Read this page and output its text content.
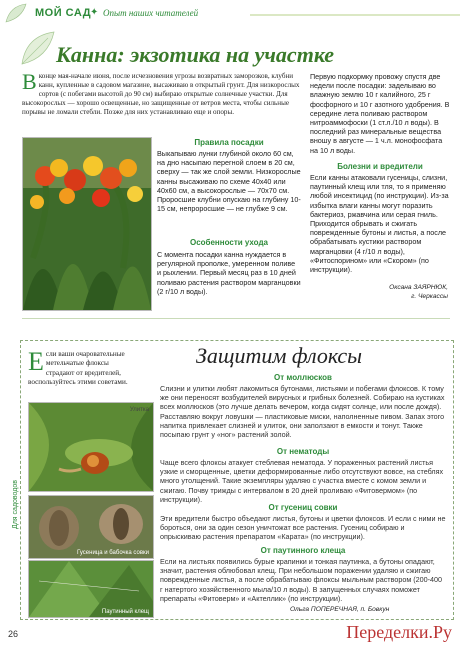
МОЙ САД
✦ Опыт наших читателей
Канна: экзотика на участке
Вконце мая-начале июня, после исчезновения угрозы возвратных заморозков, клубни канн, купленные в садовом магазине, высаживаю в открытый грунт. Для низкорослых сортов (с побегами высотой до 90 см) выбираю открытые солнечные участки. Для высокорослых — хорошо освещенные, но защищенные от ветров места, чтобы сильные порывы не ломали стебли. Позже для них устанавливаю еще и опоры.
Правила посадки
Выкапываю лунки глубиной около 60 см, на дно насыпаю перегной слоем в 20 см, сверху — так же слой земли. Низкорослые канны высаживаю по схеме 40х40 или 40х60 см, а высокорослые — 70х70 см. Проросшие клубни опускаю на глубину 10-15 см, непроросшие — не глубже 9 см.
Особенности ухода
С момента посадки канна нуждается в регулярной прополке, умеренном поливе и рыхлении. Первый месяц раз в 10 дней поливаю растения раствором марганцовки (2 г/10 л воды).
Первую подкормку провожу спустя две недели после посадки: заделываю во влажную землю 10 г калийного, 25 г фосфорного и 10 г азотного удобрения. В середине лета поливаю раствором нитроаммофоски (1 ст.л./10 л воды). В последний раз минеральные вещества вношу в августе — 1 ч.л. монофосфата на 10 л воды.
Болезни и вредители
Если канны атаковали гусеницы, слизни, паутинный клещ или тля, то я применяю любой инсектицид (по инструкции). Из-за избытка влаги канны могут поразить бактериоз, ржавчина или серая гниль. Приходится обрывать и сжигать поврежденные бутоны и листья, а после обрабатывать кустики раствором марганцовки (4 г/10 л воды), «Фитоспорином» или «Скором» (по инструкции).
Оксана ЗАЯРНЮК,
г. Черкассы
Для садоводов
Если ваши очаровательные метельчатые флоксы страдают от вредителей, воспользуйтесь этими советами.
Защитим флоксы
Улитка
Гусеница и бабочка совки
Паутинный клещ
От моллюсков
Слизни и улитки любят лакомиться бутонами, листьями и побегами флоксов. К тому же они переносят возбудителей вирусных и грибных болезней. Собираю на кустиках всех моллюсков (это лучше делать вечером, когда сидят солнце, или после дождя). Расставляю вокруг ловушки — пластиковые миски, наполненные пивом. Запах этого напитка привлекает слизней и улиток, они заползают в емкости и тонут. Также посыпаю грунт у «ног» растений золой.
От нематоды
Чаще всего флоксы атакует стеблевая нематода. У пораженных растений листья узкие и сморщенные, цветки деформированные либо отсутствуют вовсе, на стеблях много утолщений. Такие экземпляры удаляю с участка вместе с комом земли и сжигаю. Почву трижды с интервалом в 20 дней проливаю «Фитовермом» (по инструкции).
От гусениц совки
Эти вредители быстро объедают листья, бутоны и цветки флоксов. И если с ними не бороться, они за один сезон уничтожат все растения. Гусениц собираю и опрыскиваю растения препаратом «Карата» (по инструкции).
От паутинного клеща
Если на листьях появились бурые крапинки и тонкая паутинка, а бутоны опадают, значит, растения облюбовал клещ. При небольшом поражении удаляю и сжигаю поврежденные листья, а после обрабатываю флоксы мыльным раствором (200-400 г натертого хозяйственного мыла/10 л воды). В запущенных случаях поможет препараты «Фитоверм» и «Актеллик» (по инструкции).
Ольга ПОПЕРЕЧНАЯ, п. Бовкун
26	Переделки.Ру
